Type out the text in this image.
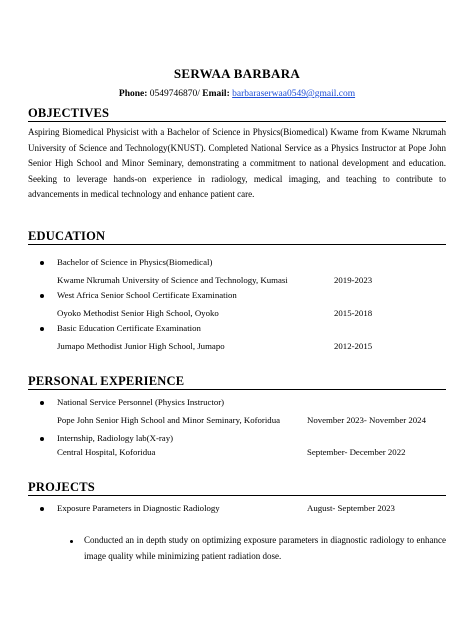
SERWAA BARBARA
Phone: 0549746870/ Email: barbaraserwaa0549@gmail.com
OBJECTIVES
Aspiring Biomedical Physicist with a Bachelor of Science in Physics(Biomedical) Kwame from Kwame Nkrumah University of Science and Technology(KNUST). Completed National Service as a Physics Instructor at Pope John Senior High School and Minor Seminary, demonstrating a commitment to national development and education. Seeking to leverage hands-on experience in radiology, medical imaging, and teaching to contribute to advancements in medical technology and enhance patient care.
EDUCATION
Bachelor of Science in Physics(Biomedical)
Kwame Nkrumah University of Science and Technology, Kumasi	2019-2023
West Africa Senior School Certificate Examination
Oyoko Methodist Senior High School, Oyoko	2015-2018
Basic Education Certificate Examination
Jumapo Methodist Junior High School, Jumapo	2012-2015
PERSONAL EXPERIENCE
National Service Personnel (Physics Instructor)
Pope John Senior High School and Minor Seminary, Koforidua	November 2023- November 2024
Internship, Radiology lab(X-ray)
Central Hospital, Koforidua	September- December 2022
PROJECTS
Exposure Parameters in Diagnostic Radiology	August- September 2023
Conducted an in depth study on optimizing exposure parameters in diagnostic radiology to enhance image quality while minimizing patient radiation dose.
